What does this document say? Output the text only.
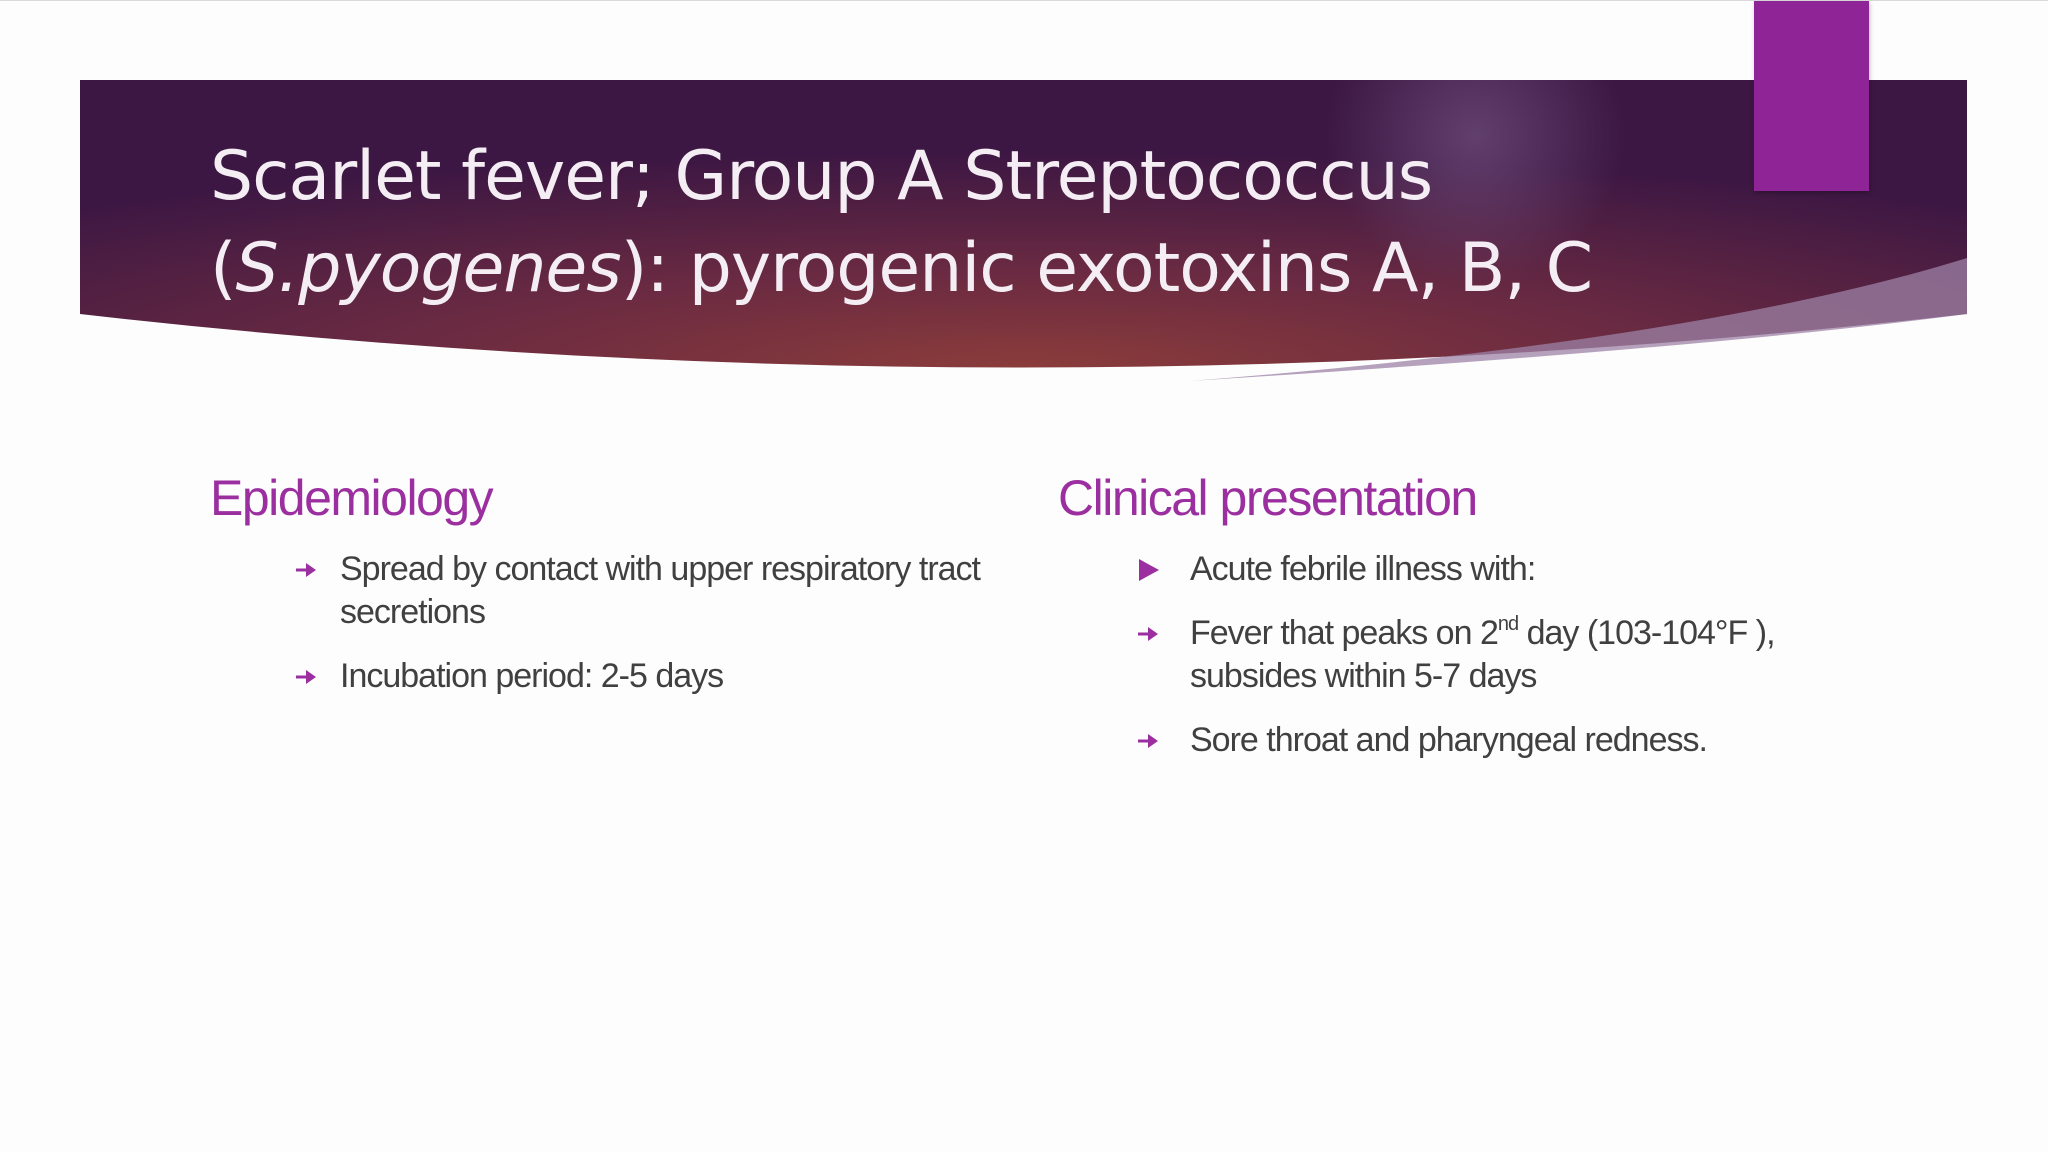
Scarlet fever; Group A Streptococcus
(S.pyogenes): pyrogenic exotoxins A, B, C
Epidemiology
Spread by contact with upper respiratory tract secretions
Incubation period: 2-5 days
Clinical presentation
Acute febrile illness with:
Fever that peaks on 2nd day (103-104°F ), subsides within 5-7 days
Sore throat and pharyngeal redness.
